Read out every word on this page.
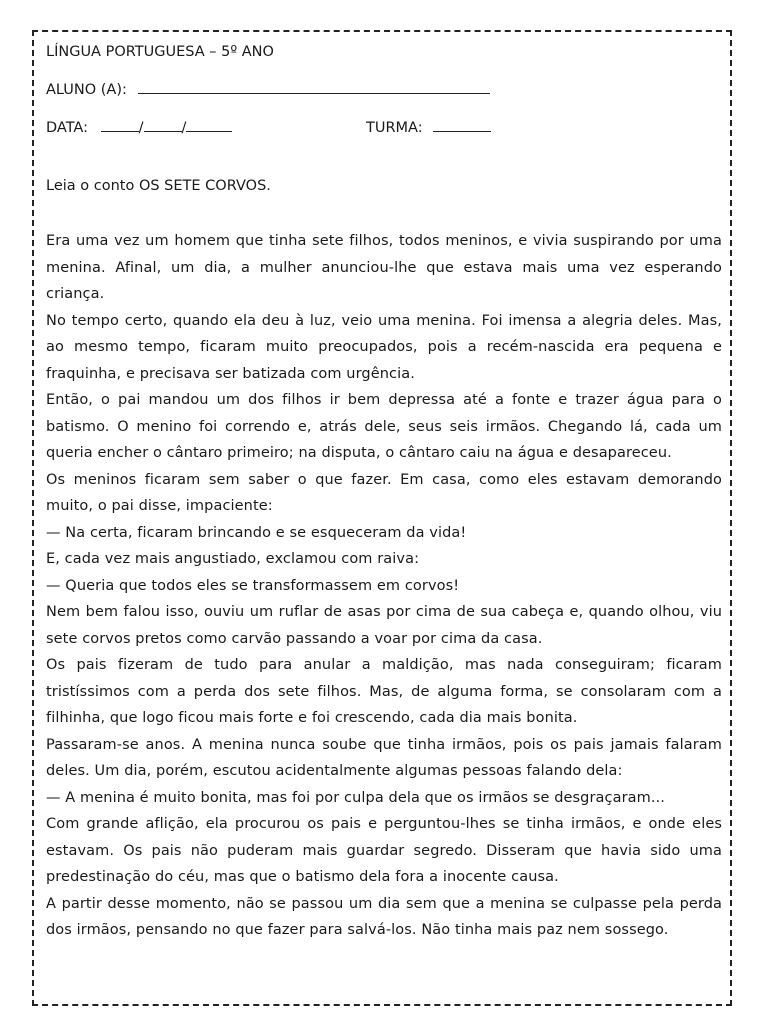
LÍNGUA PORTUGUESA – 5º ANO
ALUNO (A):
DATA:	/	/	TURMA:
Leia o conto OS SETE CORVOS.

Era uma vez um homem que tinha sete filhos, todos meninos, e vivia suspirando por uma menina. Afinal, um dia, a mulher anunciou-lhe que estava mais uma vez esperando criança.

No tempo certo, quando ela deu à luz, veio uma menina. Foi imensa a alegria deles. Mas, ao mesmo tempo, ficaram muito preocupados, pois a recém-nascida era pequena e fraquinha, e precisava ser batizada com urgência.

Então, o pai mandou um dos filhos ir bem depressa até a fonte e trazer água para o batismo. O menino foi correndo e, atrás dele, seus seis irmãos. Chegando lá, cada um queria encher o cântaro primeiro; na disputa, o cântaro caiu na água e desapareceu.

Os meninos ficaram sem saber o que fazer. Em casa, como eles estavam demorando muito, o pai disse, impaciente:

— Na certa, ficaram brincando e se esqueceram da vida!

E, cada vez mais angustiado, exclamou com raiva:

— Queria que todos eles se transformassem em corvos!

Nem bem falou isso, ouviu um ruflar de asas por cima de sua cabeça e, quando olhou, viu sete corvos pretos como carvão passando a voar por cima da casa.

Os pais fizeram de tudo para anular a maldição, mas nada conseguiram; ficaram tristíssimos com a perda dos sete filhos. Mas, de alguma forma, se consolaram com a filhinha, que logo ficou mais forte e foi crescendo, cada dia mais bonita.

Passaram-se anos. A menina nunca soube que tinha irmãos, pois os pais jamais falaram deles. Um dia, porém, escutou acidentalmente algumas pessoas falando dela:

— A menina é muito bonita, mas foi por culpa dela que os irmãos se desgraçaram...

Com grande aflição, ela procurou os pais e perguntou-lhes se tinha irmãos, e onde eles estavam. Os pais não puderam mais guardar segredo. Disseram que havia sido uma predestinação do céu, mas que o batismo dela fora a inocente causa.

A partir desse momento, não se passou um dia sem que a menina se culpasse pela perda dos irmãos, pensando no que fazer para salvá-los. Não tinha mais paz nem sossego.
